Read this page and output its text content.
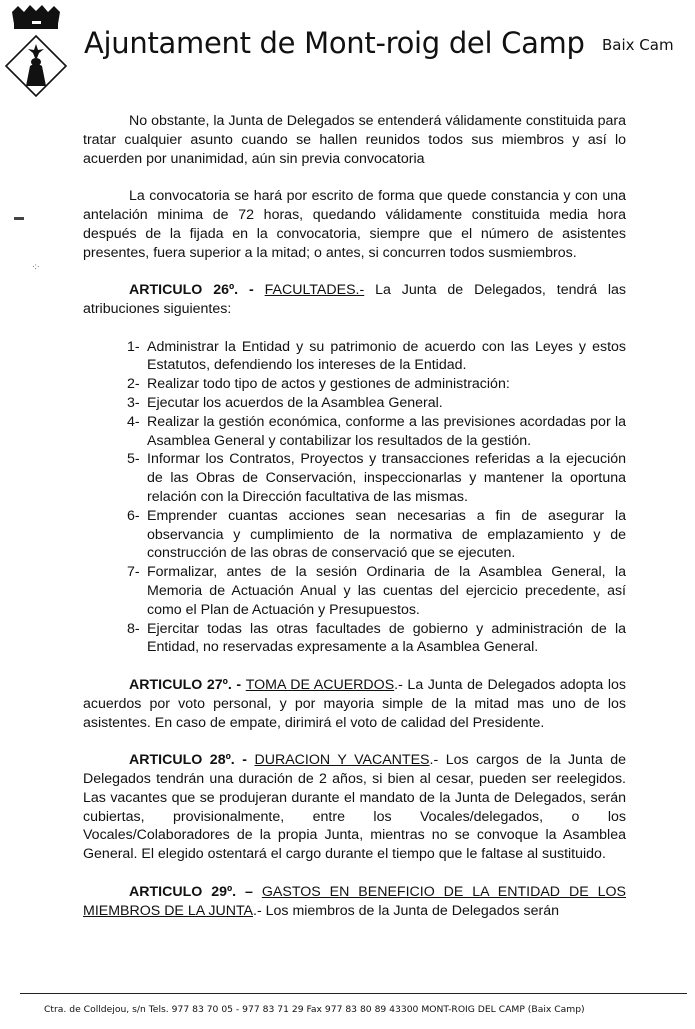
Ajuntament de Mont-roig del Camp Baix Cam
▬
·:·

No obstante, la Junta de Delegados se entenderá válidamente constituida para tratar cualquier asunto cuando se hallen reunidos todos sus miembros y así lo acuerden por unanimidad, aún sin previa convocatoria

La convocatoria se hará por escrito de forma que quede constancia y con una antelación minima de 72 horas, quedando válidamente constituida media hora después de la fijada en la convocatoria, siempre que el número de asistentes presentes, fuera superior a la mitad; o antes, si concurren todos susmiembros.

ARTICULO 26º. - FACULTADES.- La Junta de Delegados, tendrá las atribuciones siguientes:

1- Administrar la Entidad y su patrimonio de acuerdo con las Leyes y estos Estatutos, defendiendo los intereses de la Entidad.
2- Realizar todo tipo de actos y gestiones de administración:
3- Ejecutar los acuerdos de la Asamblea General.
4- Realizar la gestión económica, conforme a las previsiones acordadas por la Asamblea General y contabilizar los resultados de la gestión.
5- Informar los Contratos, Proyectos y transacciones referidas a la ejecución de las Obras de Conservación, inspeccionarlas y mantener la oportuna relación con la Dirección facultativa de las mismas.
6- Emprender cuantas acciones sean necesarias a fin de asegurar la observancia y cumplimiento de la normativa de emplazamiento y de construcción de las obras de conservació que se ejecuten.
7- Formalizar, antes de la sesión Ordinaria de la Asamblea General, la Memoria de Actuación Anual y las cuentas del ejercicio precedente, así como el Plan de Actuación y Presupuestos.
8- Ejercitar todas las otras facultades de gobierno y administración de la Entidad, no reservadas expresamente a la Asamblea General.

ARTICULO 27º. - TOMA DE ACUERDOS.- La Junta de Delegados adopta los acuerdos por voto personal, y por mayoria simple de la mitad mas uno de los asistentes. En caso de empate, dirimirá el voto de calidad del Presidente.

ARTICULO 28º. - DURACION Y VACANTES.- Los cargos de la Junta de Delegados tendrán una duración de 2 años, si bien al cesar, pueden ser reelegidos. Las vacantes que se produjeran durante el mandato de la Junta de Delegados, serán cubiertas, provisionalmente, entre los Vocales/delegados, o los Vocales/Colaboradores de la propia Junta, mientras no se convoque la Asamblea General. El elegido ostentará el cargo durante el tiempo que le faltase al sustituido.

ARTICULO 29º. – GASTOS EN BENEFICIO DE LA ENTIDAD DE LOS MIEMBROS DE LA JUNTA.- Los miembros de la Junta de Delegados serán

Ctra. de Colldejou, s/n Tels. 977 83 70 05 - 977 83 71 29 Fax 977 83 80 89 43300 MONT-ROIG DEL CAMP (Baix Camp)
